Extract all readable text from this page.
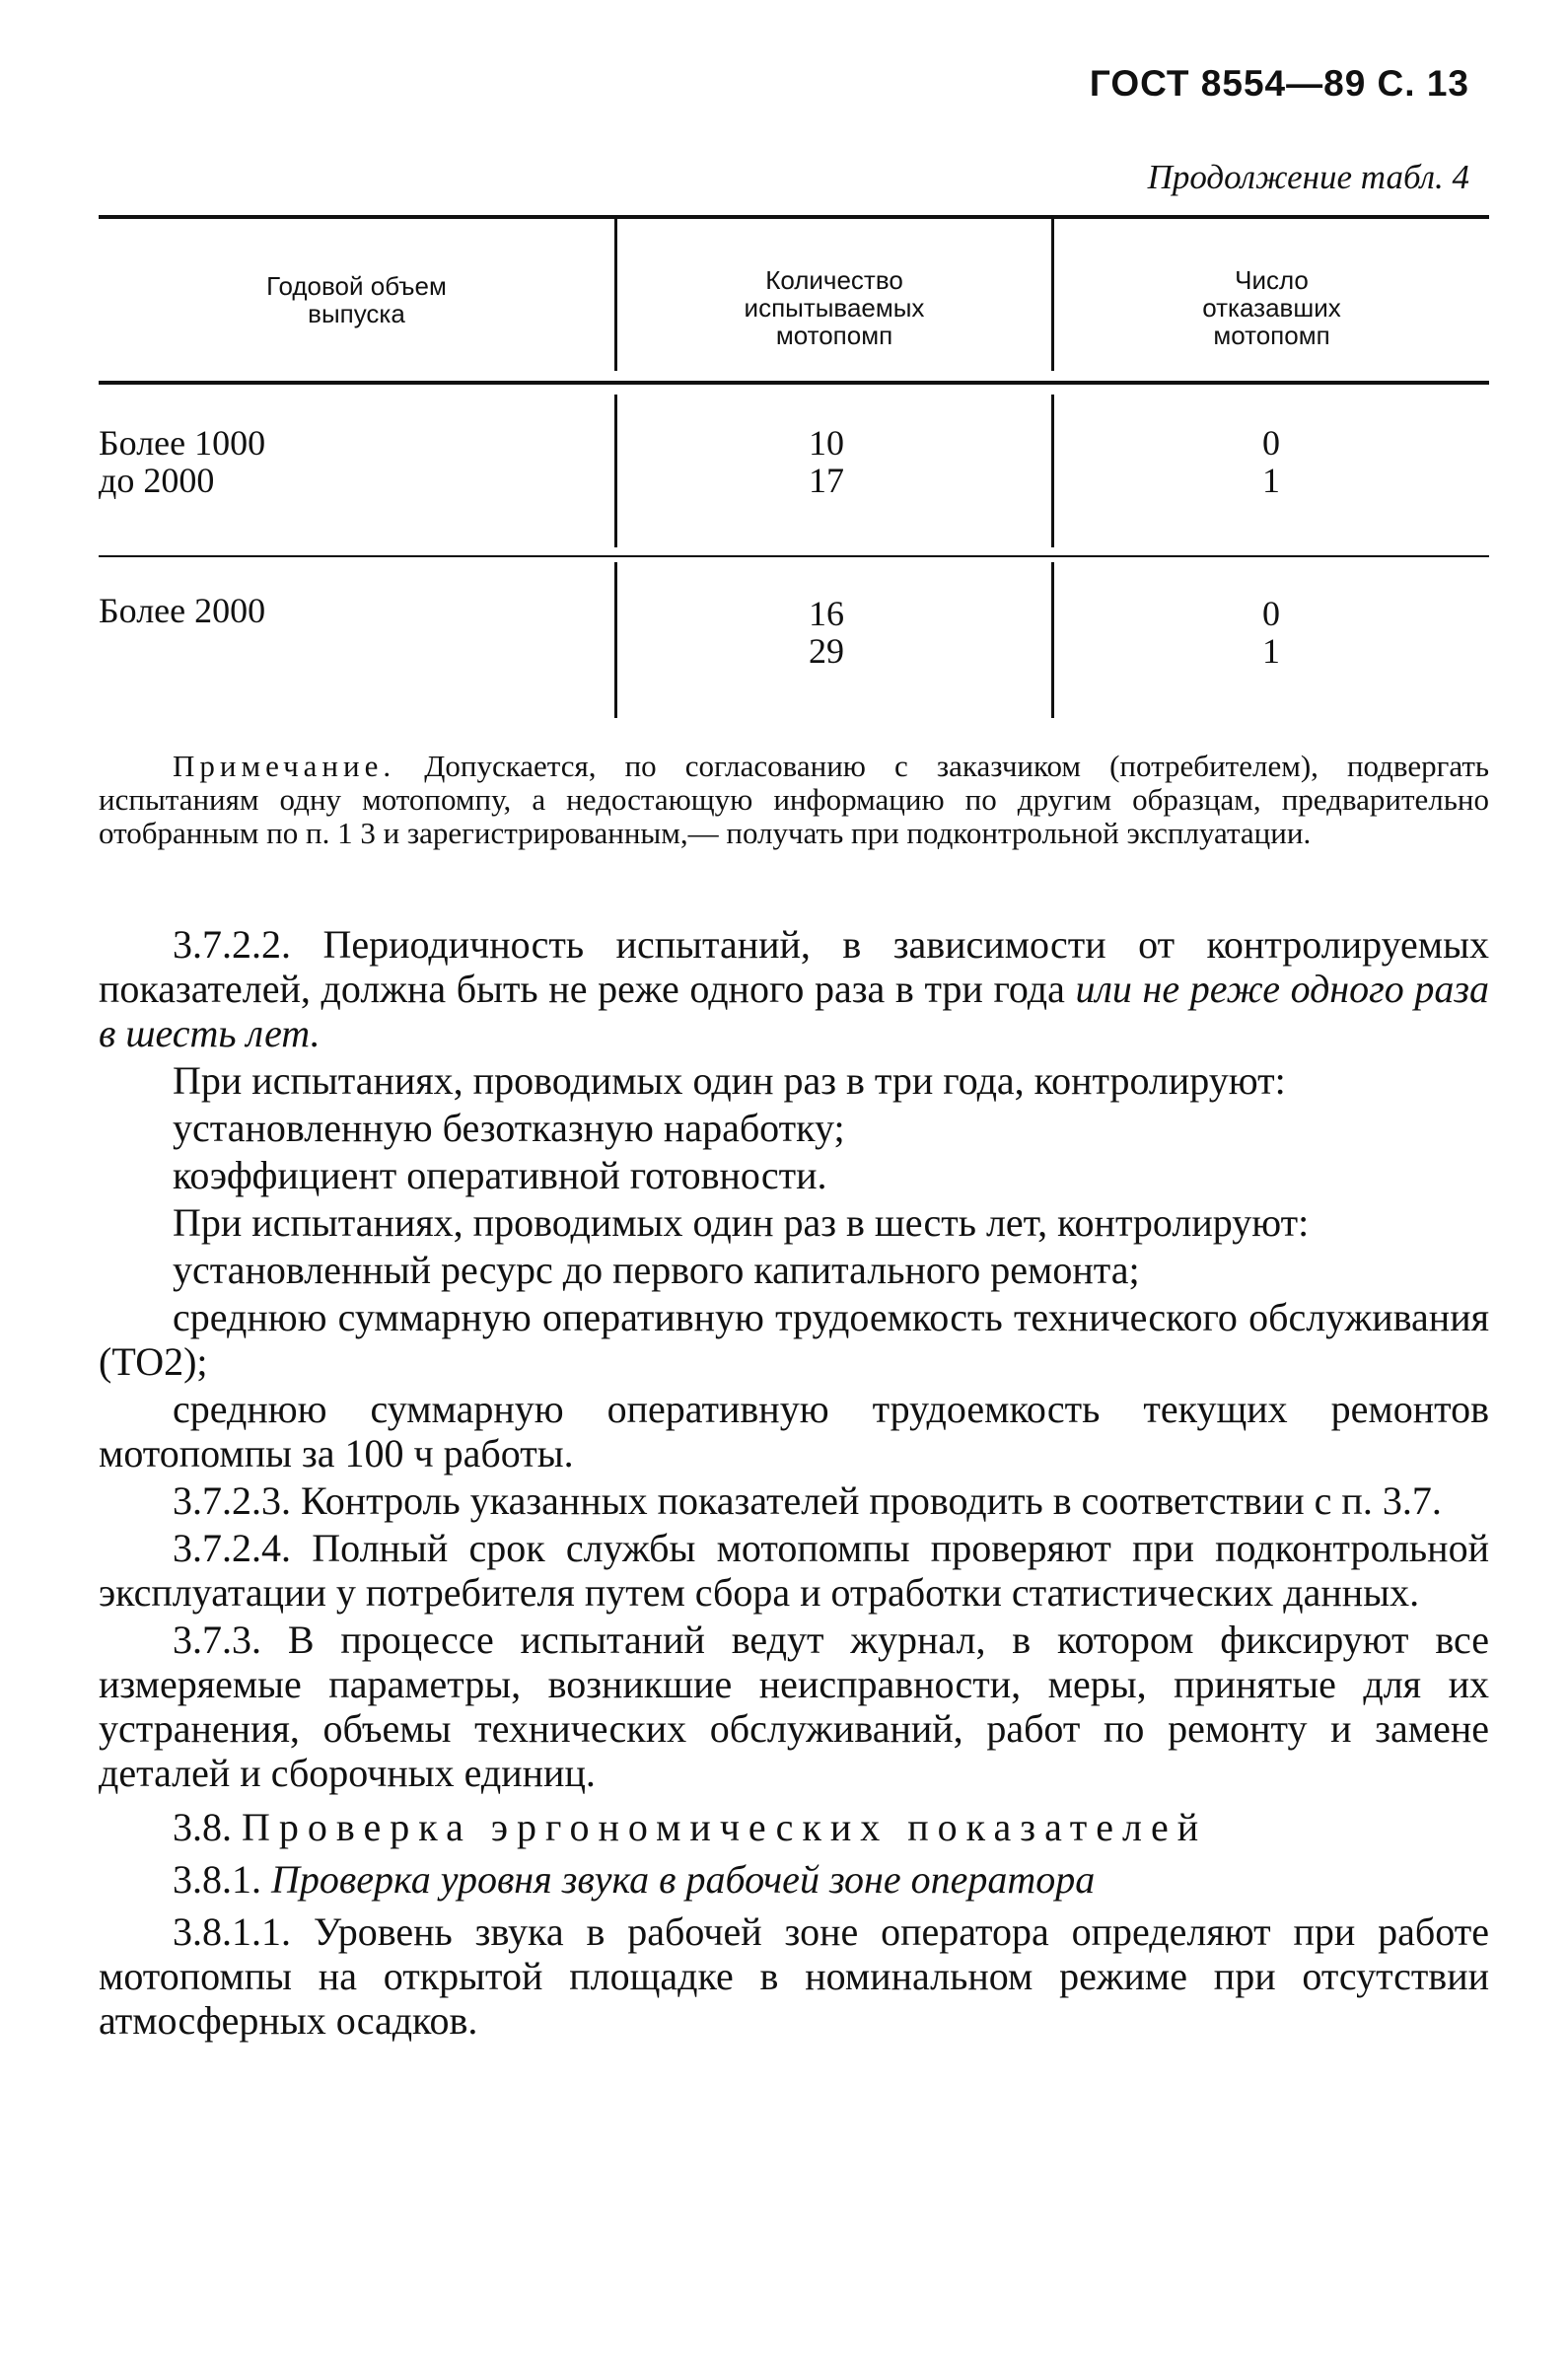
ГОСТ 8554—89 С. 13
Продолжение табл. 4
Годовой объем
выпуска
Количество
испытываемых
мотопомп
Число
отказавших
мотопомп
Более 1000
до 2000
10
17
0
1
Более 2000	16
29
0
1
Примечание. Допускается, по согласованию с заказчиком (потребителем), подвергать испытаниям одну мотопомпу, а недостающую информацию по другим образцам, предварительно отобранным по п. 1 3 и зарегистрированным,— получать при подконтрольной эксплуатации.

3.7.2.2. Периодичность испытаний, в зависимости от контролируемых показателей, должна быть не реже одного раза в три года или не реже одного раза в шесть лет.

При испытаниях, проводимых один раз в три года, контролируют:

установленную безотказную наработку;

коэффициент оперативной готовности.

При испытаниях, проводимых один раз в шесть лет, контролируют:

установленный ресурс до первого капитального ремонта;

среднюю суммарную оперативную трудоемкость технического обслуживания (ТО2);

среднюю суммарную оперативную трудоемкость текущих ремонтов мотопомпы за 100 ч работы.

3.7.2.3. Контроль указанных показателей проводить в соответствии с п. 3.7.

3.7.2.4. Полный срок службы мотопомпы проверяют при подконтрольной эксплуатации у потребителя путем сбора и отработки статистических данных.

3.7.3. В процессе испытаний ведут журнал, в котором фиксируют все измеряемые параметры, возникшие неисправности, меры, принятые для их устранения, объемы технических обслуживаний, работ по ремонту и замене деталей и сборочных единиц.

3.8. Проверка эргономических показателей

3.8.1. Проверка уровня звука в рабочей зоне оператора

3.8.1.1. Уровень звука в рабочей зоне оператора определяют при работе мотопомпы на открытой площадке в номинальном режиме при отсутствии атмосферных осадков.
